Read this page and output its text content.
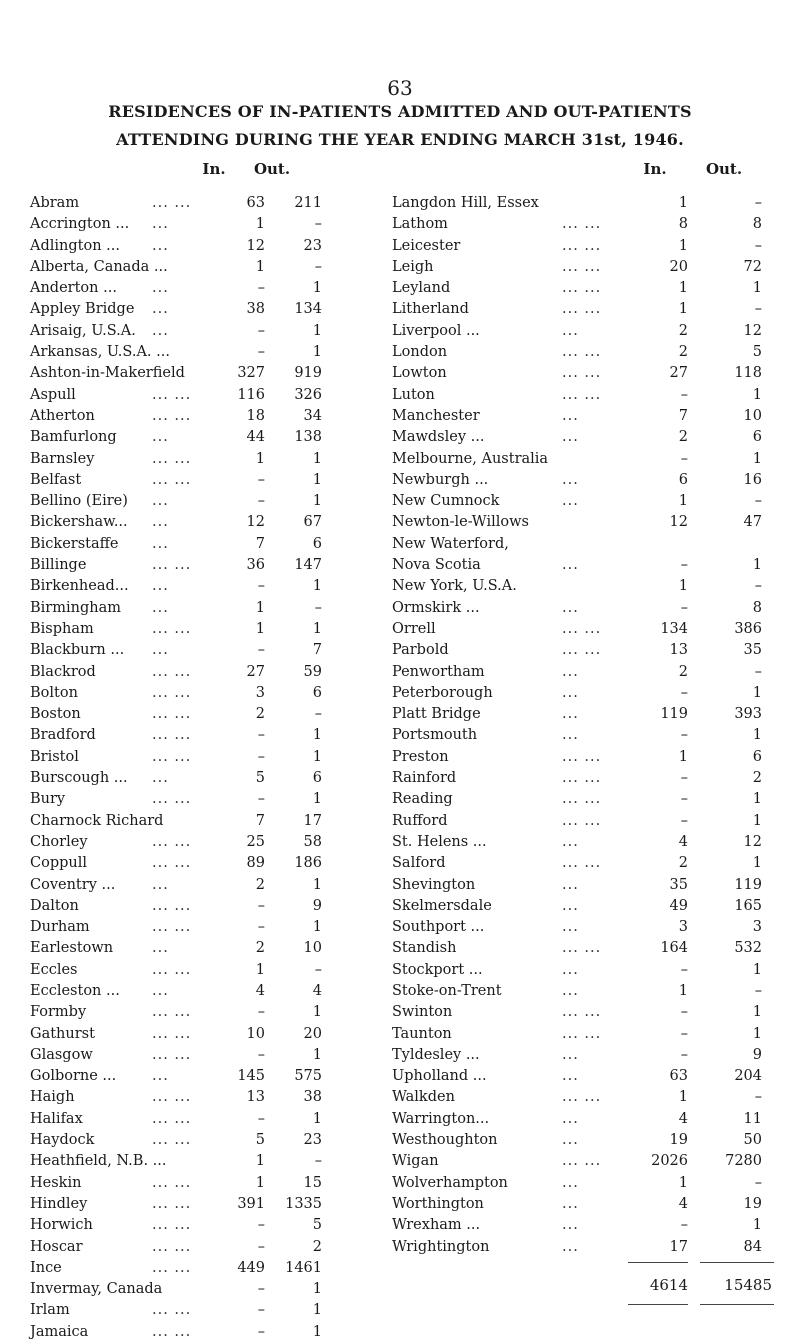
63
RESIDENCES OF IN-PATIENTS ADMITTED AND OUT-PATIENTS
ATTENDING DURING THE YEAR ENDING MARCH 31st, 1946.
In.	Out.	In.	Out.
Abram	... ...	63	211
Accrington ... ...	1	–
Adlington ... ...	12	23
Alberta, Canada ...	1	–
Anderton ... ...	–	1
Appley Bridge ...	38	134
Arisaig, U.S.A. ...	–	1
Arkansas, U.S.A. ...	–	1
Ashton-in-Makerfield	327	919
Aspull	... ...	116	326
Atherton	... ...	18	34
Bamfurlong ...	44	138
Barnsley	... ...	1	1
Belfast	... ...	–	1
Bellino (Eire) ...	–	1
Bickershaw... ...	12	67
Bickerstaffe ...	7	6
Billinge	... ...	36	147
Birkenhead... ...	–	1
Birmingham ...	1	–
Bispham	... ...	1	1
Blackburn ... ...	–	7
Blackrod	... ...	27	59
Bolton	... ...	3	6
Boston	... ...	2	–
Bradford	... ...	–	1
Bristol	... ...	–	1
Burscough ... ...	5	6
Bury	... ...	–	1
Charnock Richard	7	17
Chorley	... ...	25	58
Coppull	... ...	89	186
Coventry ...	...	2	1
Dalton	... ...	–	9
Durham	... ...	–	1
Earlestown	...	2	10
Eccles	... ...	1	–
Eccleston ... ...	4	4
Formby	... ...	–	1
Gathurst	... ...	10	20
Glasgow	... ...	–	1
Golborne ... ...	145	575
Haigh	... ...	13	38
Halifax	... ...	–	1
Haydock	... ...	5	23
Heathfield, N.B. ...	1	–
Heskin	... ...	1	15
Hindley	... ...	391	1335
Horwich	... ...	–	5
Hoscar	... ...	–	2
Ince	... ...	449	1461
Invermay, Canada	–	1
Irlam	... ...	–	1
Jamaica	... ...	–	1
Langdon Hill, Essex	1	–
Lathom	... ...	8	8
Leicester	... ...	1	–
Leigh	... ...	20	72
Leyland	... ...	1	1
Litherland	... ...	1	–
Liverpool ...	...	2	12
London	... ...	2	5
Lowton	... ...	27	118
Luton	... ...	–	1
Manchester	...	7	10
Mawdsley ...	...	2	6
Melbourne, Australia	–	1
Newburgh ...	...	6	16
New Cumnock	...	1	–
Newton-le-Willows	12	47
New Waterford,
Nova Scotia	...	–	1
New York, U.S.A.	1	–
Ormskirk ...	...	–	8
Orrell	... ...	134	386
Parbold	... ...	13	35
Penwortham	...	2	–
Peterborough	...	–	1
Platt Bridge	...	119	393
Portsmouth	...	–	1
Preston	... ...	1	6
Rainford	... ...	–	2
Reading	... ...	–	1
Rufford	... ...	–	1
St. Helens ...	...	4	12
Salford	... ...	2	1
Shevington	...	35	119
Skelmersdale	...	49	165
Southport ...	...	3	3
Standish	... ...	164	532
Stockport ...	...	–	1
Stoke-on-Trent	...	1	–
Swinton	... ...	–	1
Taunton	... ...	–	1
Tyldesley ...	...	–	9
Upholland ...	...	63	204
Walkden	... ...	1	–
Warrington...	...	4	11
Westhoughton	...	19	50
Wigan	... ...	2026	7280
Wolverhampton	...	1	–
Worthington	...	4	19
Wrexham ...	...	–	1
Wrightington	...	17	84
4614	15485
